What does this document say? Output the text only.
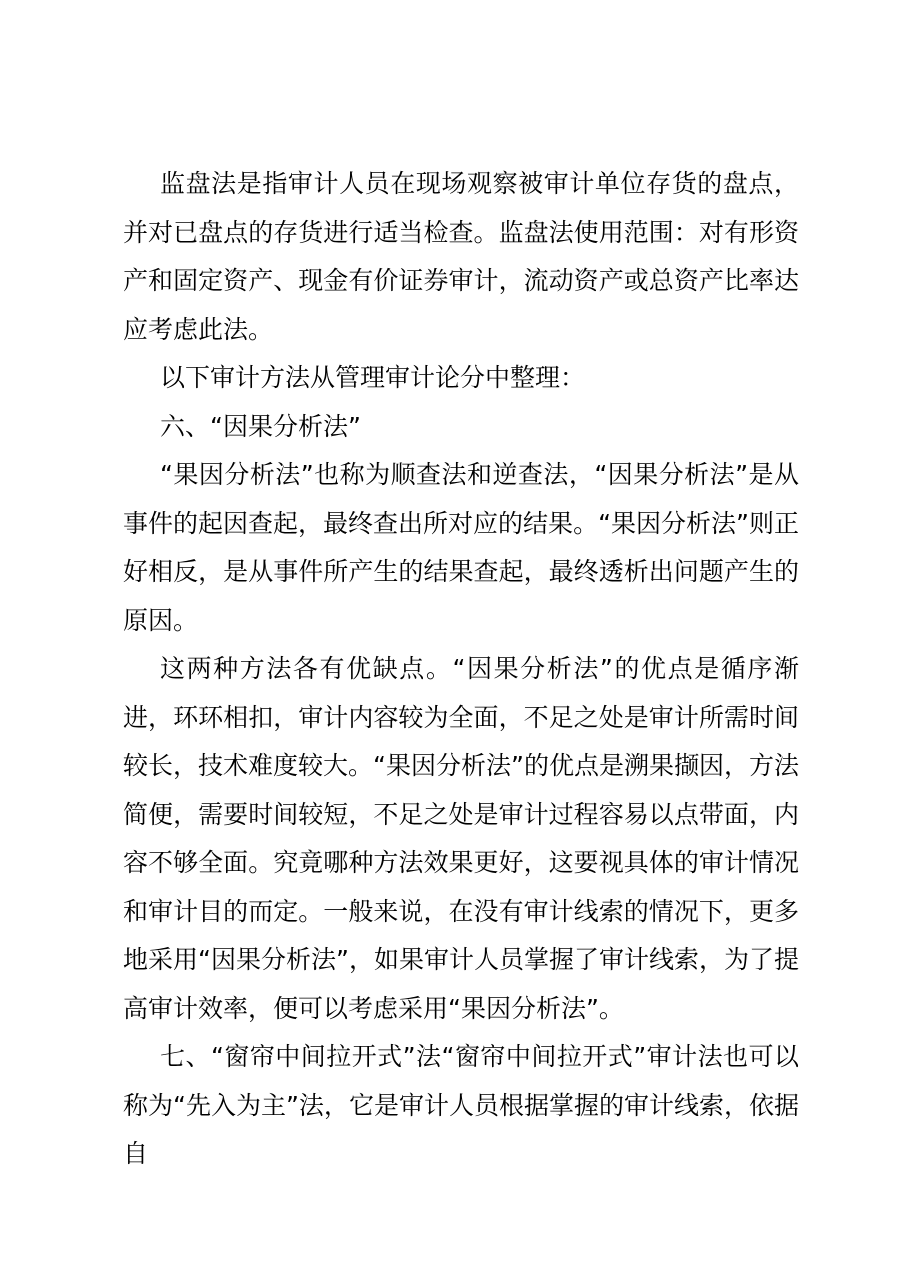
监盘法是指审计人员在现场观察被审计单位存货的盘点，并对已盘点的存货进行适当检查。监盘法使用范围：对有形资产和固定资产、现金有价证券审计，流动资产或总资产比率达应考虑此法。

以下审计方法从管理审计论分中整理：

六、“因果分析法”

“果因分析法”也称为顺查法和逆查法，“因果分析法”是从事件的起因查起，最终查出所对应的结果。“果因分析法”则正好相反，是从事件所产生的结果查起，最终透析出问题产生的原因。

这两种方法各有优缺点。“因果分析法”的优点是循序渐进，环环相扣，审计内容较为全面，不足之处是审计所需时间较长，技术难度较大。“果因分析法”的优点是溯果撷因，方法简便，需要时间较短，不足之处是审计过程容易以点带面，内容不够全面。究竟哪种方法效果更好，这要视具体的审计情况和审计目的而定。一般来说，在没有审计线索的情况下，更多地采用“因果分析法”，如果审计人员掌握了审计线索，为了提高审计效率，便可以考虑采用“果因分析法”。

七、“窗帘中间拉开式”法“窗帘中间拉开式”审计法也可以称为“先入为主”法，它是审计人员根据掌握的审计线索，依据自
